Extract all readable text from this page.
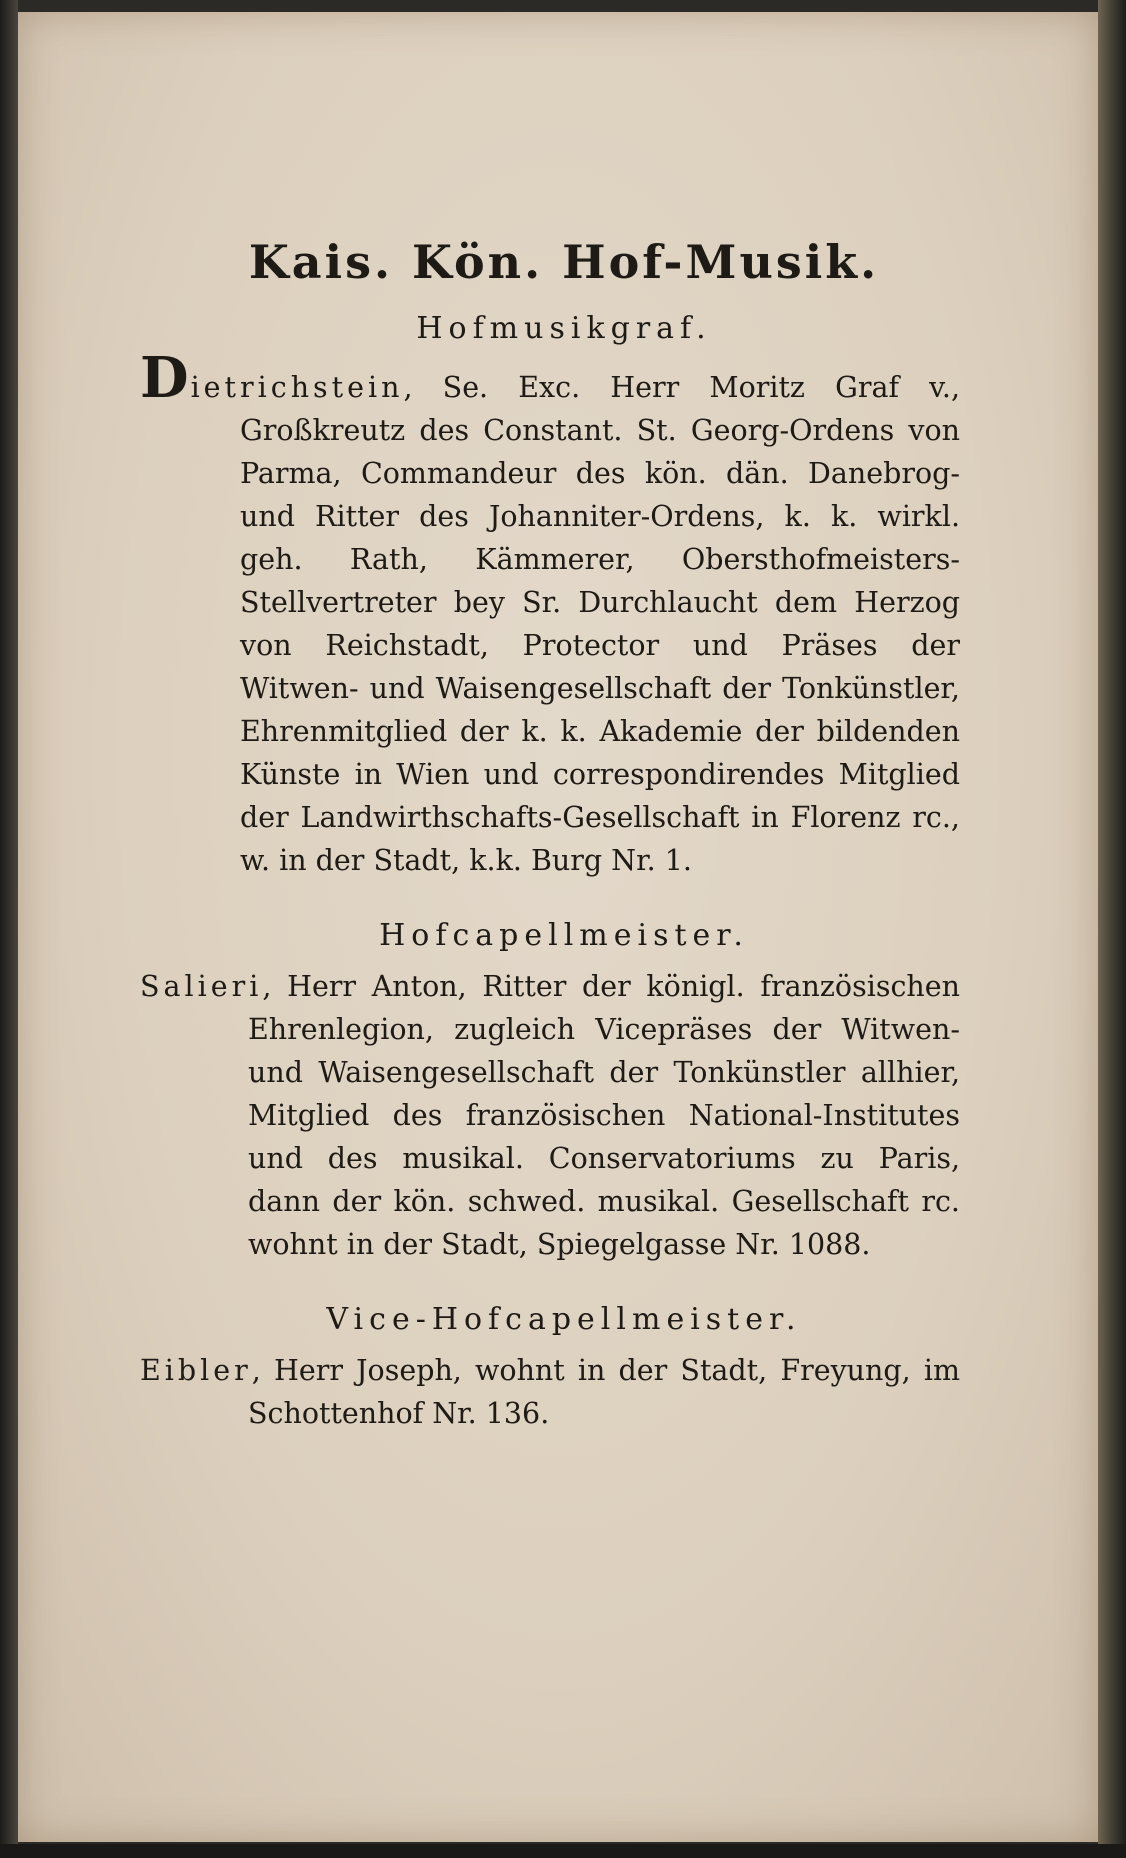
Kais. Kön. Hof-Musik.
Hofmusikgraf.

Dietrichstein, Se. Exc. Herr Moritz Graf v., Großkreutz des Constant. St. Georg-Ordens von Parma, Commandeur des kön. dän. Danebrog- und Ritter des Johanniter-Ordens, k. k. wirkl. geh. Rath, Kämmerer, Obersthofmeisters-Stellvertreter bey Sr. Durchlaucht dem Herzog von Reichstadt, Protector und Präses der Witwen- und Waisengesellschaft der Tonkünstler, Ehrenmitglied der k. k. Akademie der bildenden Künste in Wien und correspondirendes Mitglied der Landwirthschafts-Gesellschaft in Florenz rc., w. in der Stadt, k.k. Burg Nr. 1.

Hofcapellmeister.

Salieri, Herr Anton, Ritter der königl. französischen Ehrenlegion, zugleich Vicepräses der Witwen- und Waisengesellschaft der Tonkünstler allhier, Mitglied des französischen National-Institutes und des musikal. Conservatoriums zu Paris, dann der kön. schwed. musikal. Gesellschaft rc. wohnt in der Stadt, Spiegelgasse Nr. 1088.

Vice-Hofcapellmeister.

Eibler, Herr Joseph, wohnt in der Stadt, Freyung, im Schottenhof Nr. 136.
